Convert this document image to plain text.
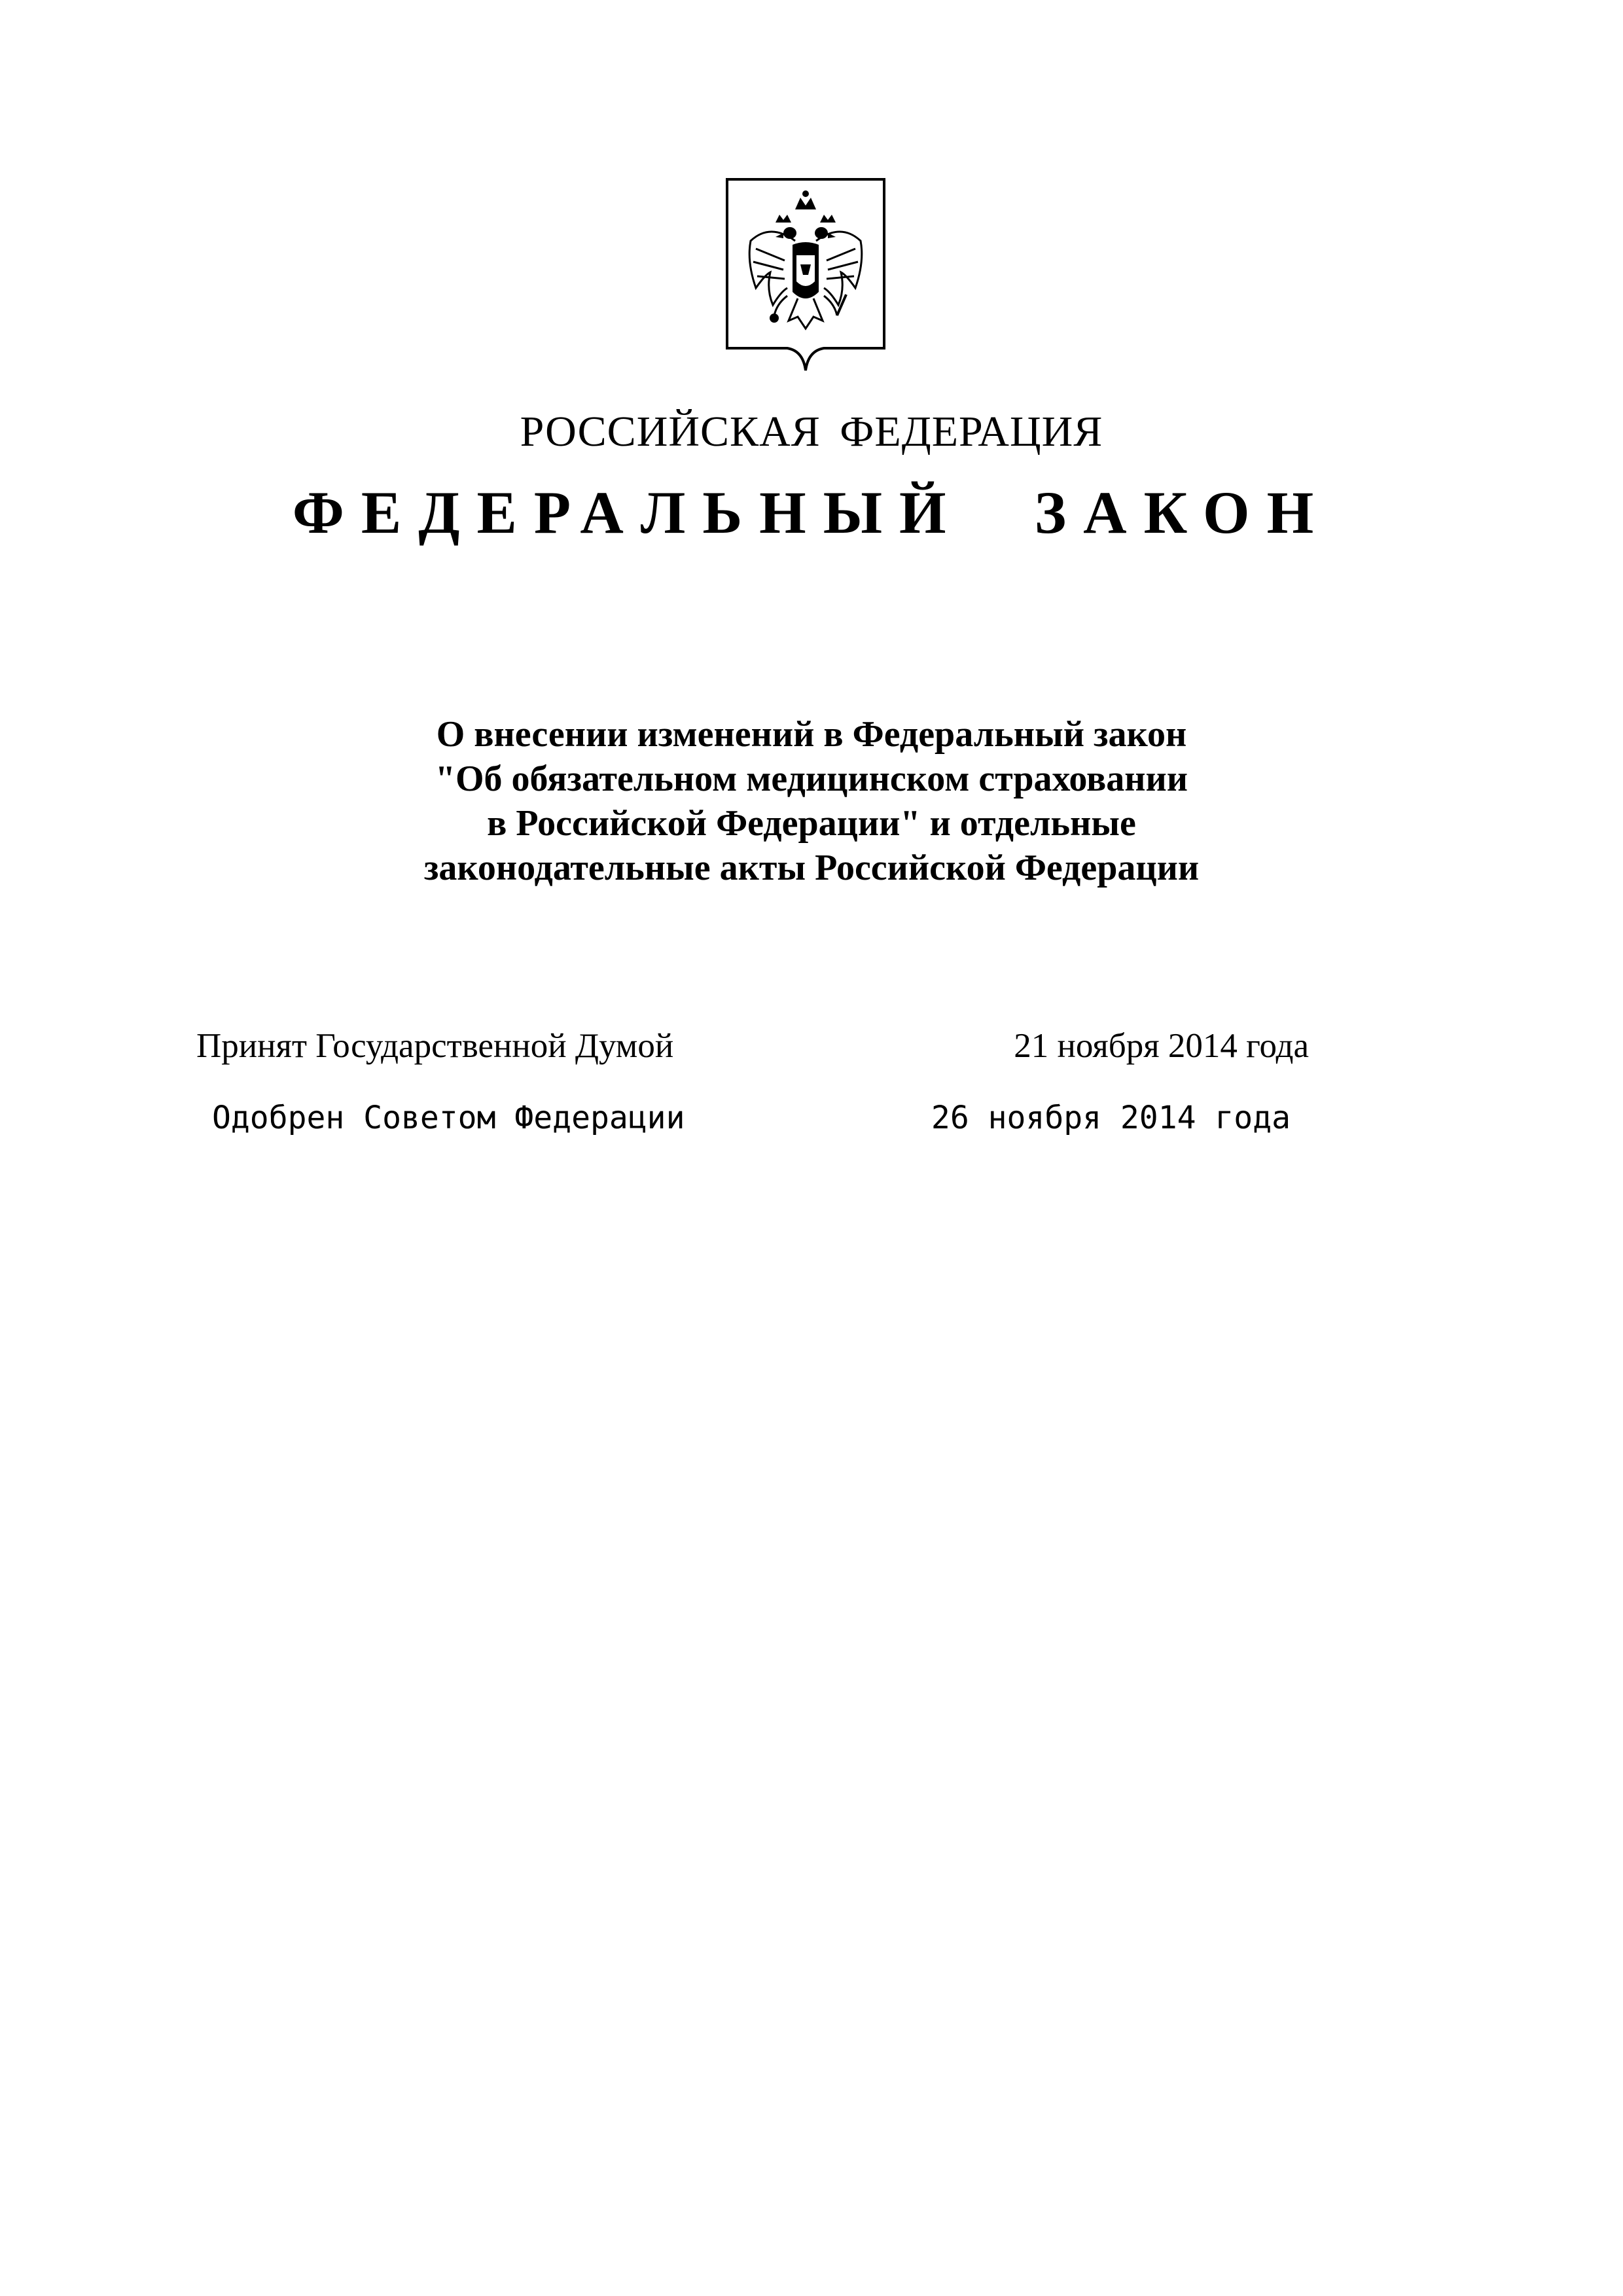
РОССИЙСКАЯ ФЕДЕРАЦИЯ
ФЕДЕРАЛЬНЫЙ ЗАКОН
О внесении изменений в Федеральный закон
"Об обязательном медицинском страховании
в Российской Федерации" и отдельные
законодательные акты Российской Федерации
Принят Государственной Думой	21 ноября 2014 года
Одобрен Советом Федерации	26 ноября 2014 года
